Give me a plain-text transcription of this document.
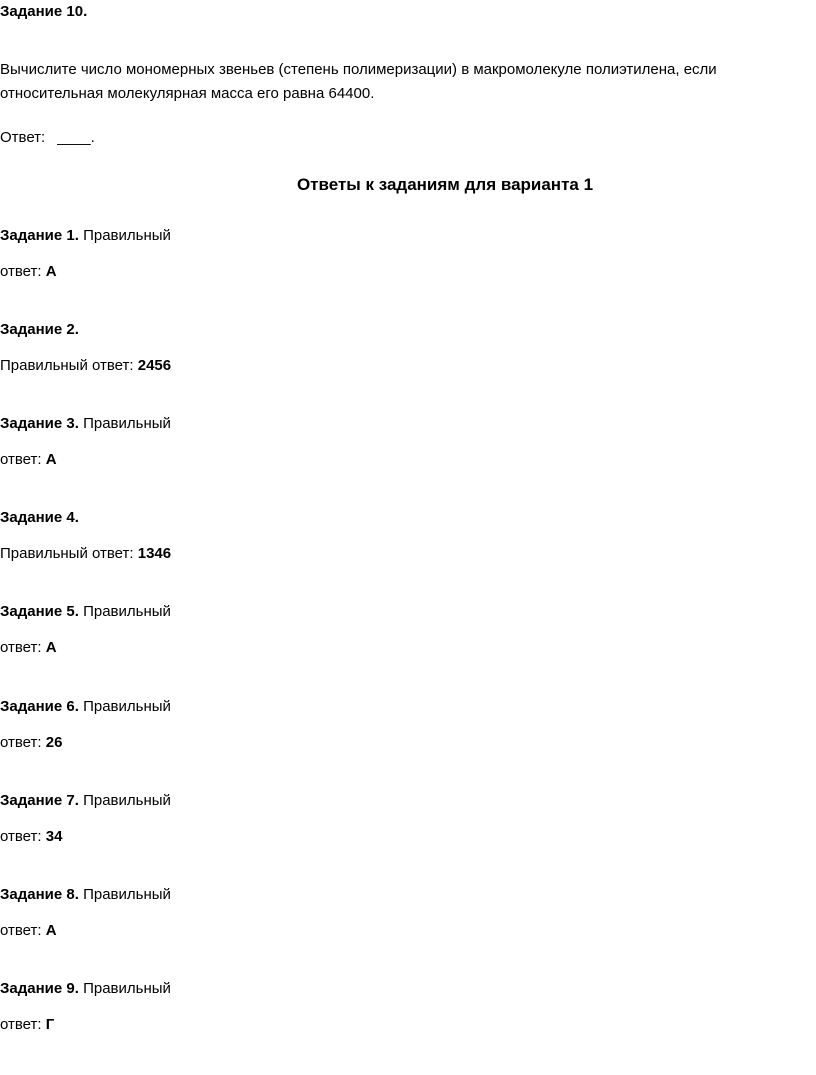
Задание 10.
Вычислите число мономерных звеньев (степень полимеризации) в макромолекуле полиэтилена, если относительная молекулярная масса его равна 64400.
Ответ: ____.
Ответы к заданиям для варианта 1
Задание 1. Правильный
ответ: А
Задание 2.
Правильный ответ: 2456
Задание 3. Правильный
ответ: А
Задание 4.
Правильный ответ: 1346
Задание 5. Правильный
ответ: А
Задание 6. Правильный
ответ: 26
Задание 7. Правильный
ответ: 34
Задание 8. Правильный
ответ: А
Задание 9. Правильный
ответ: Г
